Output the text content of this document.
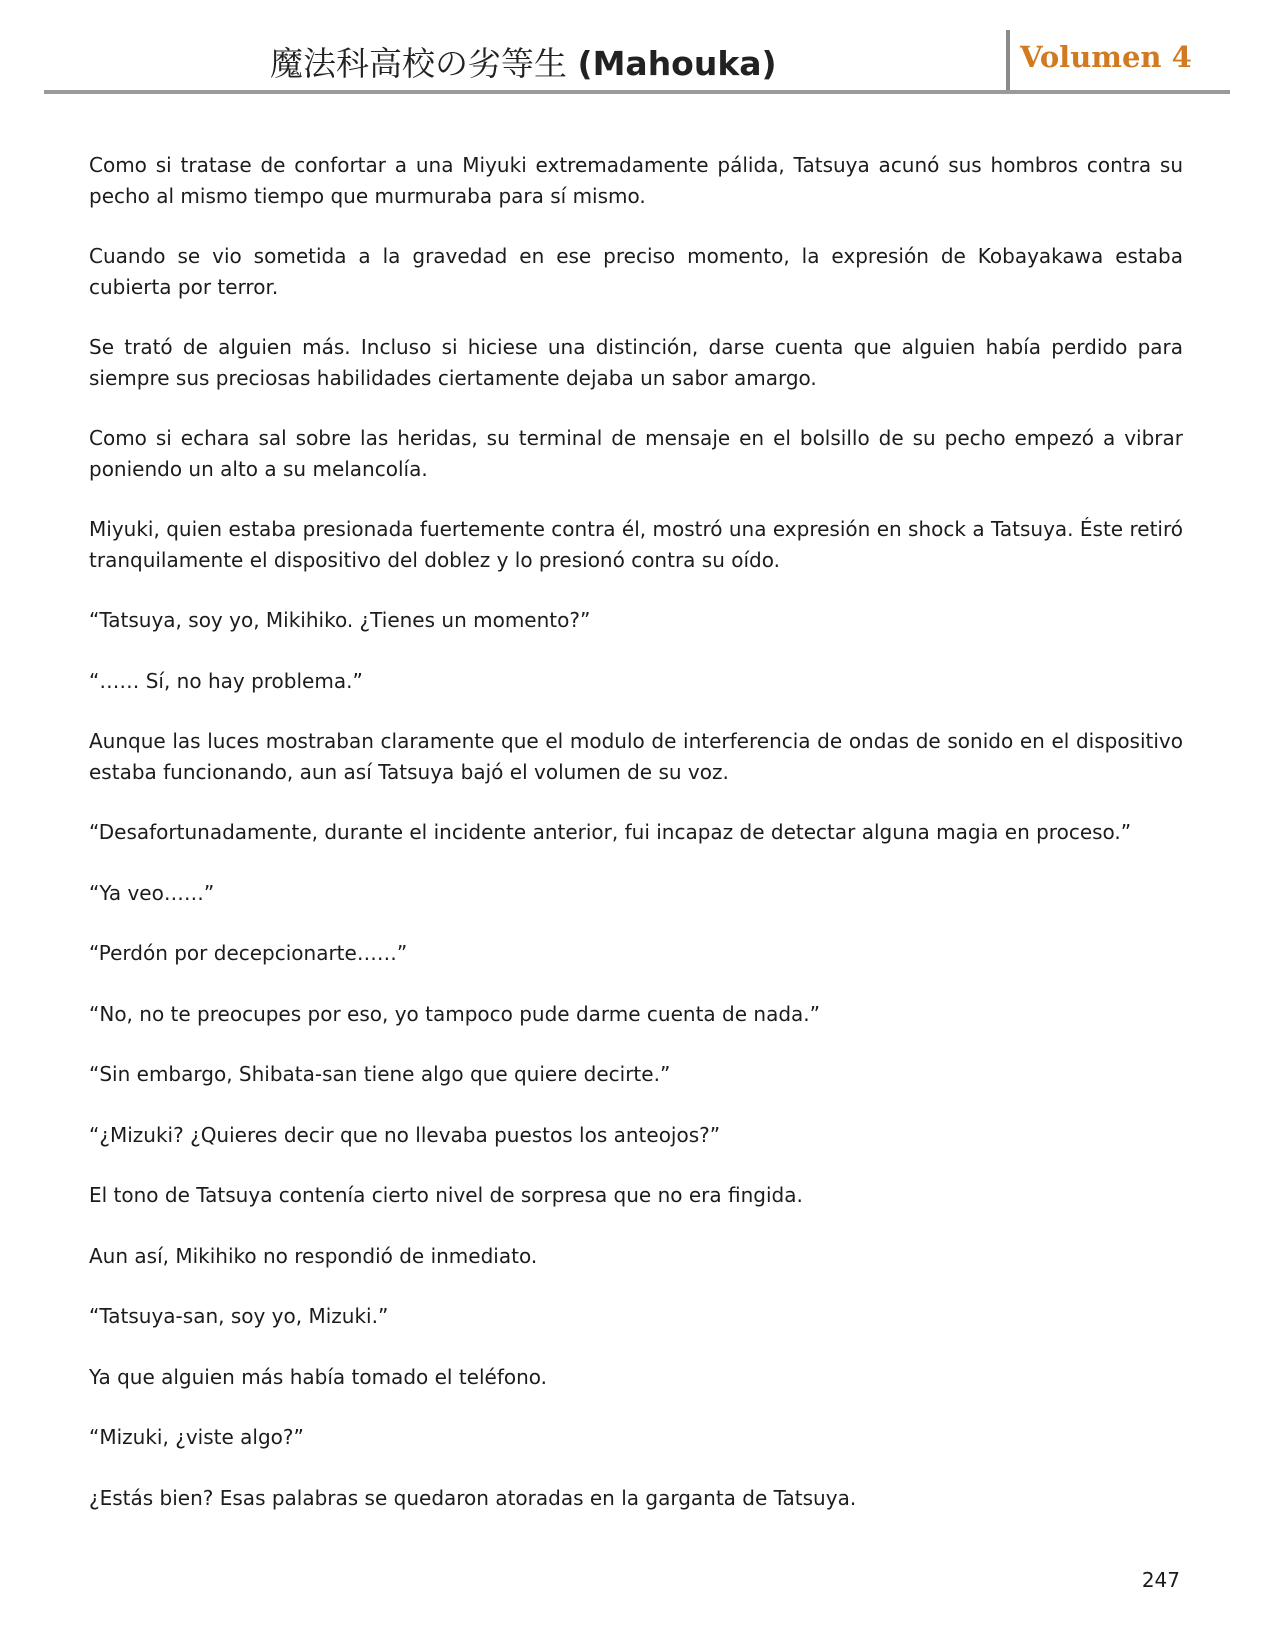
魔法科高校の劣等生 (Mahouka)	Volumen 4

Como si tratase de confortar a una Miyuki extremadamente pálida, Tatsuya acunó sus hombros contra su pecho al mismo tiempo que murmuraba para sí mismo.

Cuando se vio sometida a la gravedad en ese preciso momento, la expresión de Kobayakawa estaba cubierta por terror.

Se trató de alguien más. Incluso si hiciese una distinción, darse cuenta que alguien había perdido para siempre sus preciosas habilidades ciertamente dejaba un sabor amargo.

Como si echara sal sobre las heridas, su terminal de mensaje en el bolsillo de su pecho empezó a vibrar poniendo un alto a su melancolía.

Miyuki, quien estaba presionada fuertemente contra él, mostró una expresión en shock a Tatsuya. Éste retiró tranquilamente el dispositivo del doblez y lo presionó contra su oído.

“Tatsuya, soy yo, Mikihiko. ¿Tienes un momento?”

“…… Sí, no hay problema.”

Aunque las luces mostraban claramente que el modulo de interferencia de ondas de sonido en el dispositivo estaba funcionando, aun así Tatsuya bajó el volumen de su voz.

“Desafortunadamente, durante el incidente anterior, fui incapaz de detectar alguna magia en proceso.”

“Ya veo……”

“Perdón por decepcionarte……”

“No, no te preocupes por eso, yo tampoco pude darme cuenta de nada.”

“Sin embargo, Shibata-san tiene algo que quiere decirte.”

“¿Mizuki? ¿Quieres decir que no llevaba puestos los anteojos?”

El tono de Tatsuya contenía cierto nivel de sorpresa que no era fingida.

Aun así, Mikihiko no respondió de inmediato.

“Tatsuya-san, soy yo, Mizuki.”

Ya que alguien más había tomado el teléfono.

“Mizuki, ¿viste algo?”

¿Estás bien? Esas palabras se quedaron atoradas en la garganta de Tatsuya.

247
